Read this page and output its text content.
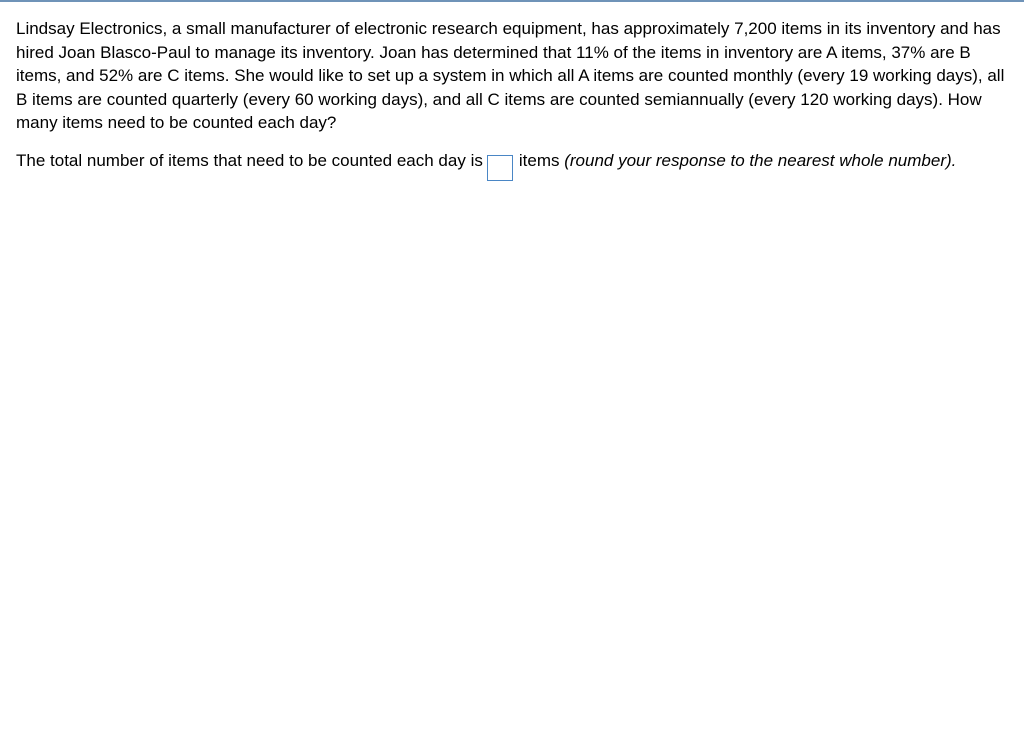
Lindsay Electronics, a small manufacturer of electronic research equipment, has approximately 7,200 items in its inventory and has hired Joan Blasco-Paul to manage its inventory. Joan has determined that 11% of the items in inventory are A items, 37% are B items, and 52% are C items. She would like to set up a system in which all A items are counted monthly (every 19 working days), all B items are counted quarterly (every 60 working days), and all C items are counted semiannually (every 120 working days). How many items need to be counted each day?

The total number of items that need to be counted each day is items (round your response to the nearest whole number).
